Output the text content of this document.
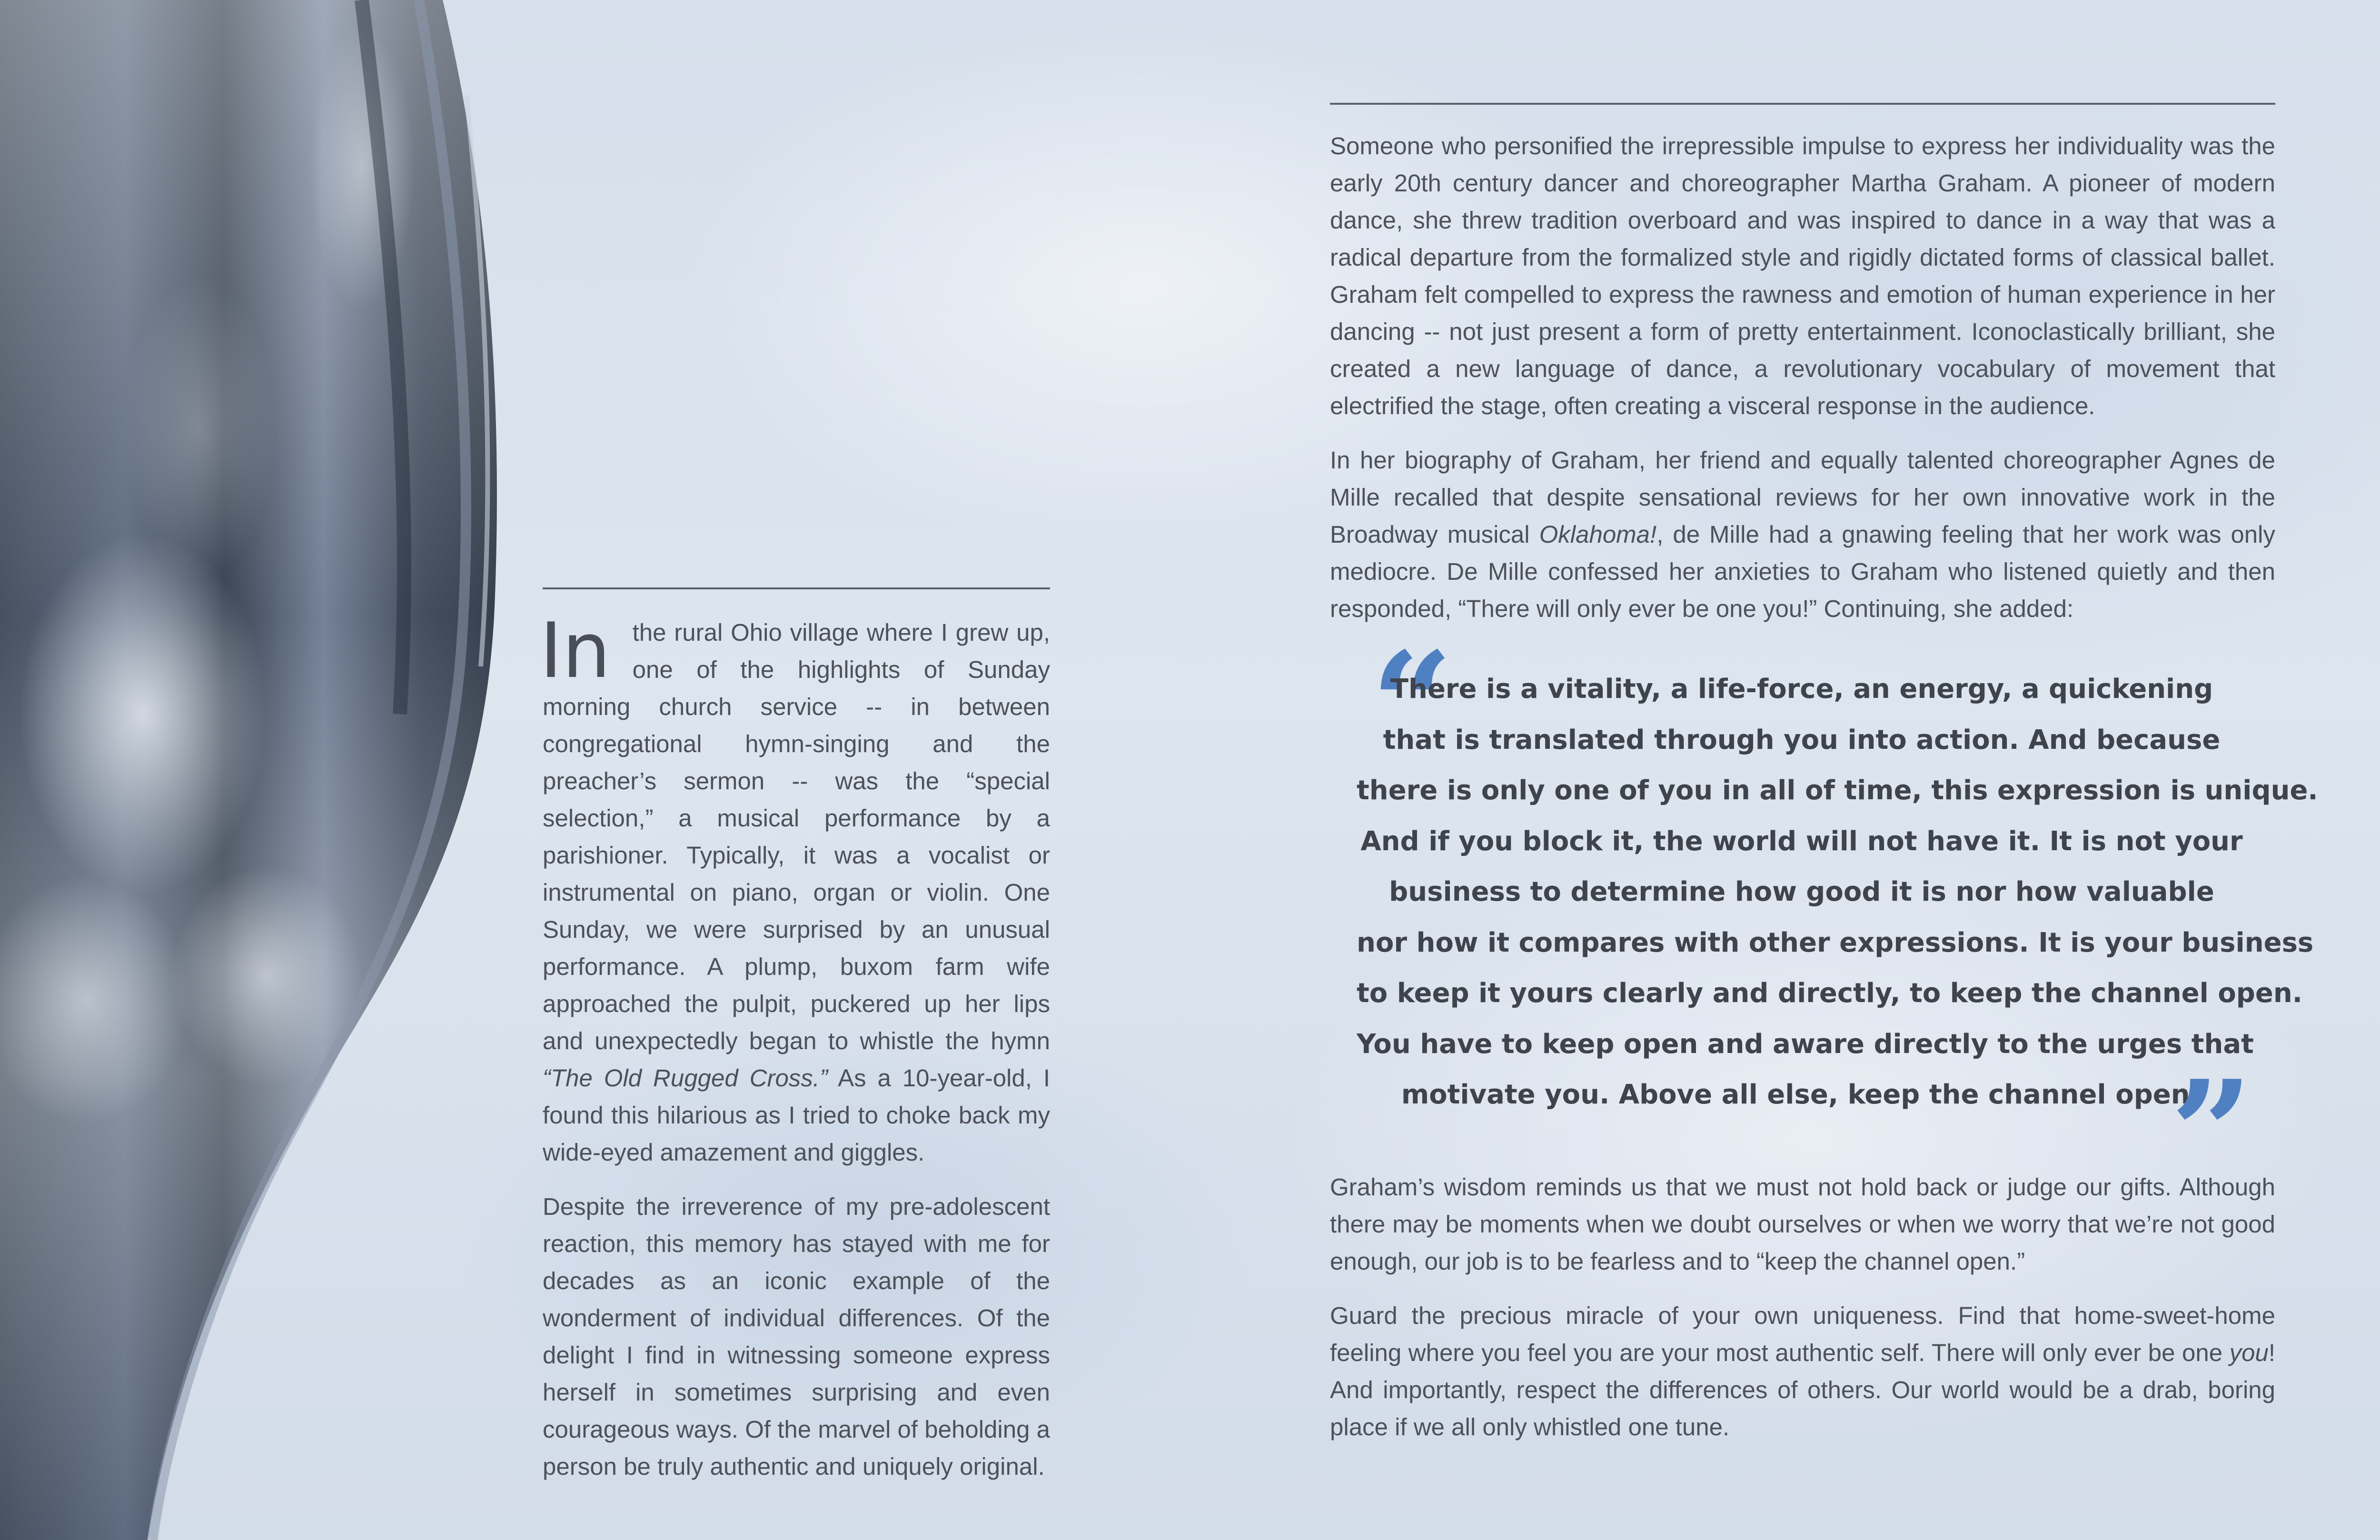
In the rural Ohio village where I grew up, one of the highlights of Sunday morning church service -- in between congregational hymn-singing and the preacher’s sermon -- was the “special selection,” a musical performance by a parishioner. Typically, it was a vocalist or instrumental on piano, organ or violin. One Sunday, we were surprised by an unusual performance. A plump, buxom farm wife approached the pulpit, puckered up her lips and unexpectedly began to whistle the hymn “The Old Rugged Cross.” As a 10-year-old, I found this hilarious as I tried to choke back my wide-eyed amazement and giggles.

Despite the irreverence of my pre-adolescent reaction, this memory has stayed with me for decades as an iconic example of the wonderment of individual differences. Of the delight I find in witnessing someone express herself in sometimes surprising and even courageous ways. Of the marvel of beholding a person be truly authentic and uniquely original.

Someone who personified the irrepressible impulse to express her individuality was the early 20th century dancer and choreographer Martha Graham. A pioneer of modern dance, she threw tradition overboard and was inspired to dance in a way that was a radical departure from the formalized style and rigidly dictated forms of classical ballet. Graham felt compelled to express the rawness and emotion of human experience in her dancing -- not just present a form of pretty entertainment. Iconoclastically brilliant, she created a new language of dance, a revolutionary vocabulary of movement that electrified the stage, often creating a visceral response in the audience.

In her biography of Graham, her friend and equally talented choreographer Agnes de Mille recalled that despite sensational reviews for her own innovative work in the Broadway musical Oklahoma!, de Mille had a gnawing feeling that her work was only mediocre. De Mille confessed her anxieties to Graham who listened quietly and then responded, “There will only ever be one you!” Continuing, she added:

“
There is a vitality, a life-force, an energy, a quickening
that is translated through you into action. And because
there is only one of you in all of time, this expression is unique.
And if you block it, the world will not have it. It is not your
business to determine how good it is nor how valuable
nor how it compares with other expressions. It is your business
to keep it yours clearly and directly, to keep the channel open.
You have to keep open and aware directly to the urges that
motivate you. Above all else, keep the channel open!
”

Graham’s wisdom reminds us that we must not hold back or judge our gifts. Although there may be moments when we doubt ourselves or when we worry that we’re not good enough, our job is to be fearless and to “keep the channel open.”

Guard the precious miracle of your own uniqueness. Find that home-sweet-home feeling where you feel you are your most authentic self. There will only ever be one you! And importantly, respect the differences of others. Our world would be a drab, boring place if we all only whistled one tune.
